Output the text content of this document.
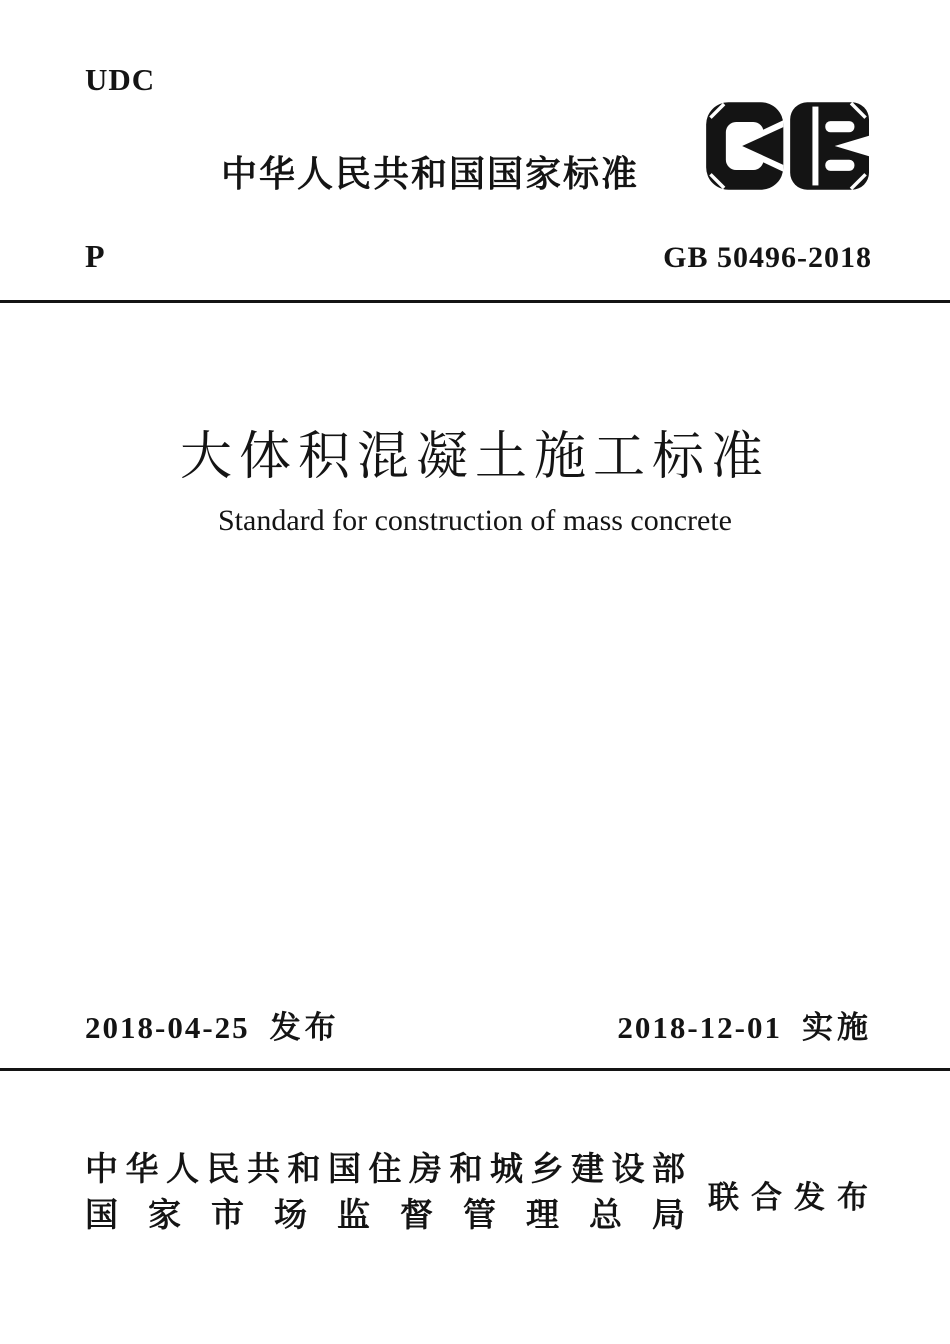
UDC
中华人民共和国国家标准
P	GB 50496-2018
大体积混凝土施工标准
Standard for construction of mass concrete
2018-04-25 发布	2018-12-01 实施
中华人民共和国住房和城乡建设部
国家市场监督管理总局 联合发布
